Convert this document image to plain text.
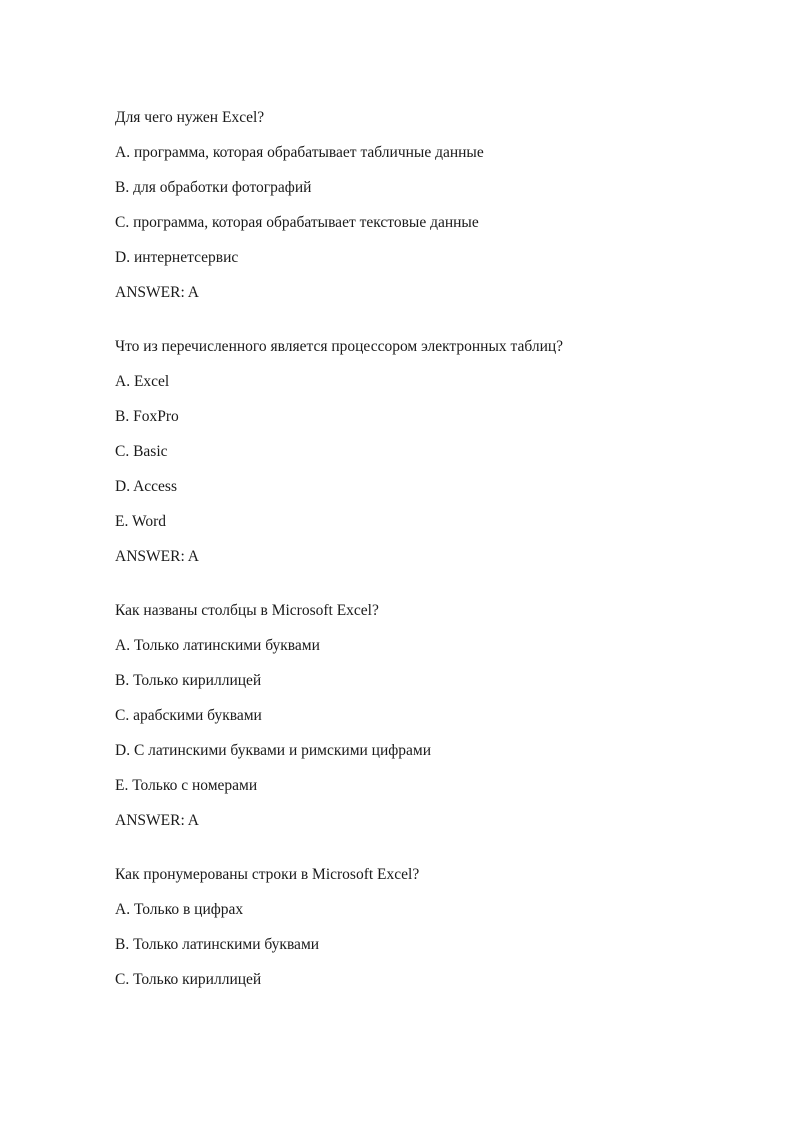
Для чего нужен Excel?
A. программа, которая обрабатывает табличные данные
B. для обработки фотографий
C. программа, которая обрабатывает текстовые данные
D. интернетсервис
ANSWER: A
Что из перечисленного является процессором электронных таблиц?
A. Excel
B. FoxPro
C. Basic
D. Access
E. Word
ANSWER: A
Как названы столбцы в Microsoft Excel?
A. Только латинскими буквами
B. Только кириллицей
C. арабскими буквами
D. С латинскими буквами и римскими цифрами
E. Только с номерами
ANSWER: A
Как пронумерованы строки в Microsoft Excel?
A. Только в цифрах
B. Только латинскими буквами
C. Только кириллицей
